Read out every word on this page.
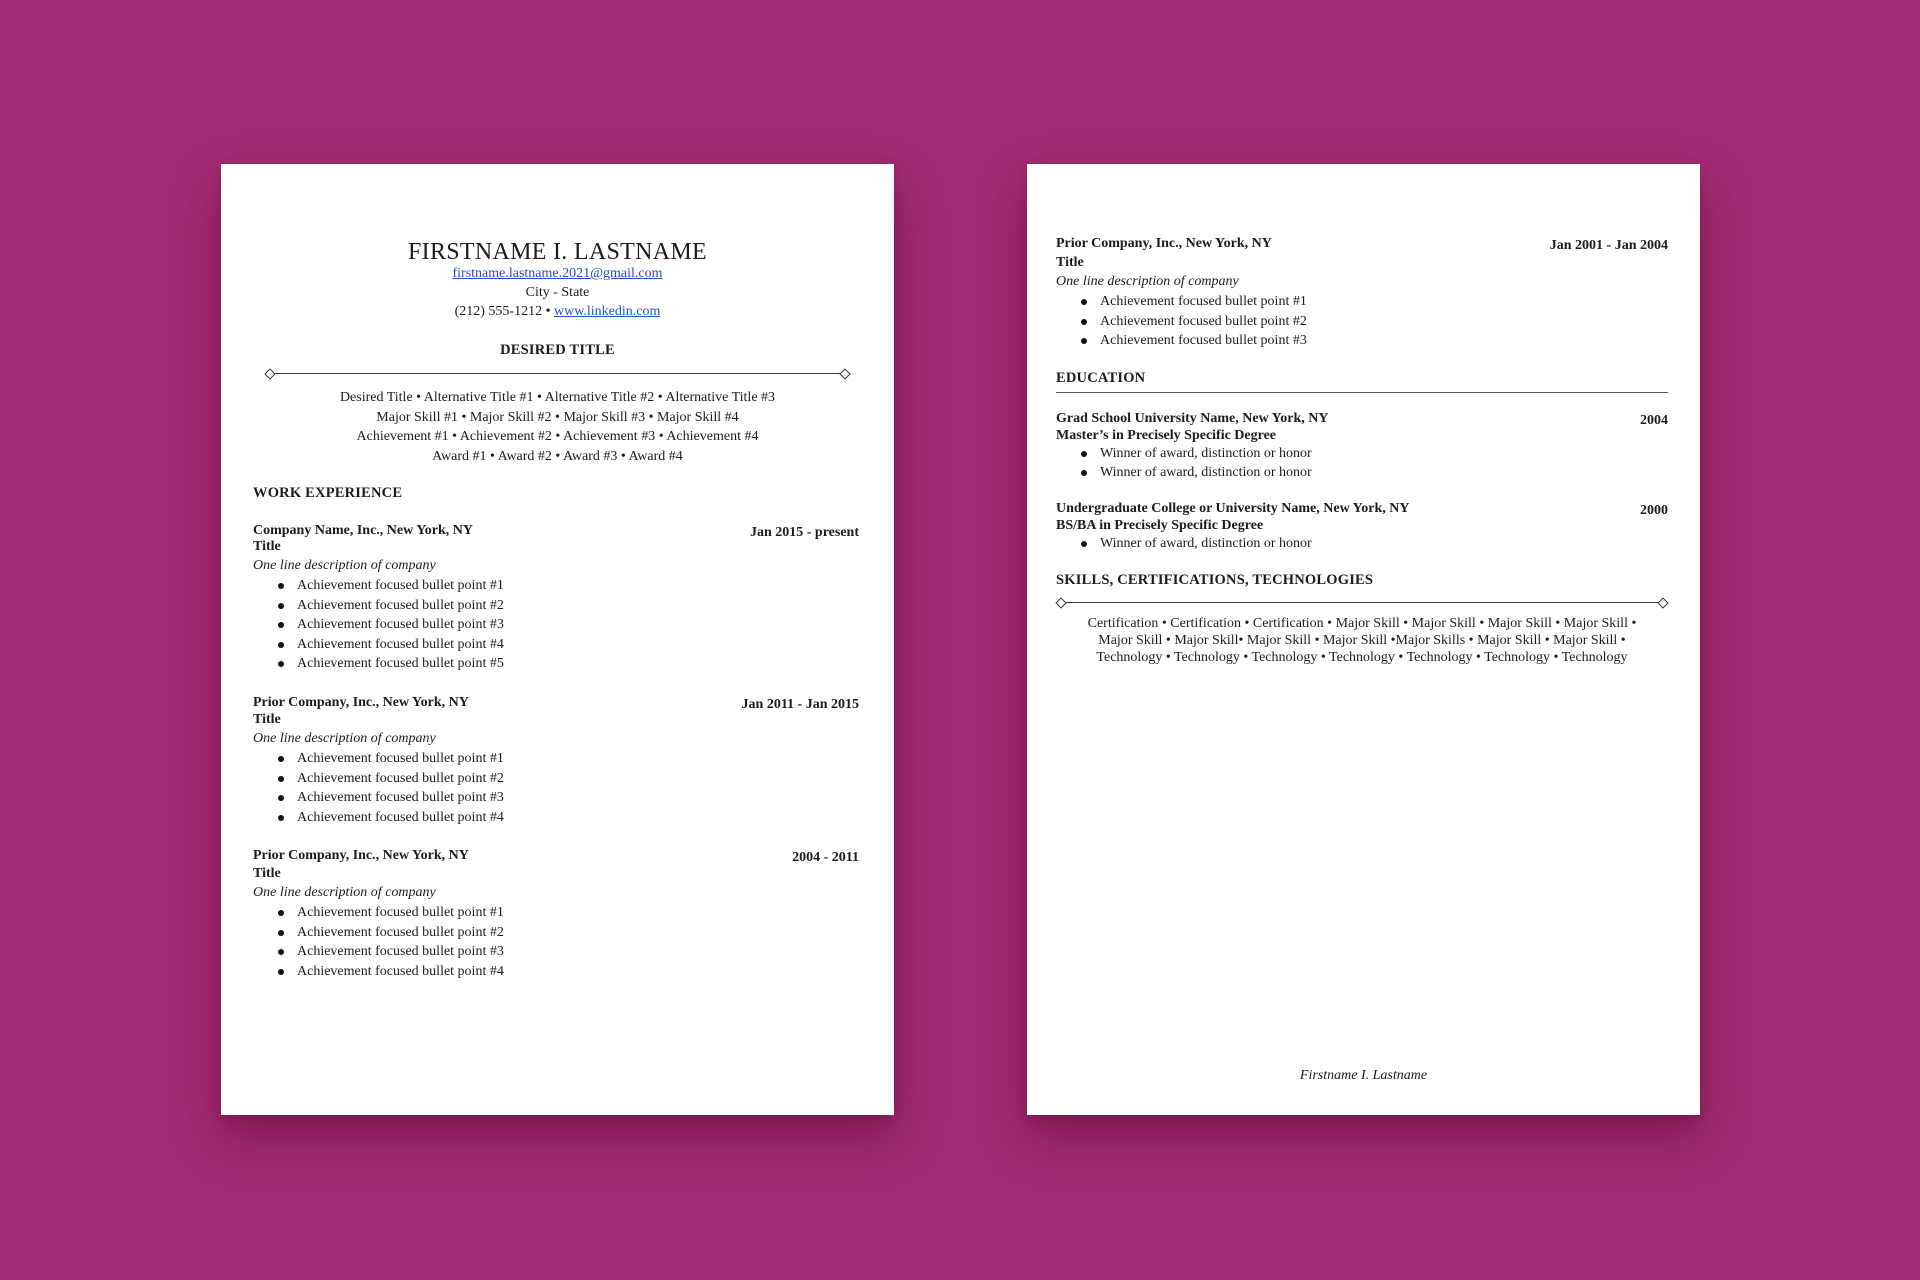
FIRSTNAME I. LASTNAME
firstname.lastname.2021@gmail.com
City - State
(212) 555-1212 • www.linkedin.com
DESIRED TITLE
Desired Title • Alternative Title #1 • Alternative Title #2 • Alternative Title #3
Major Skill #1 • Major Skill #2 • Major Skill #3 • Major Skill #4
Achievement #1 • Achievement #2 • Achievement #3 • Achievement #4
Award #1 • Award #2 • Award #3 • Award #4
WORK EXPERIENCE
Company Name, Inc., New York, NY	Jan 2015 - present
Title
One line description of company
Achievement focused bullet point #1
Achievement focused bullet point #2
Achievement focused bullet point #3
Achievement focused bullet point #4
Achievement focused bullet point #5
Prior Company, Inc., New York, NY	Jan 2011 - Jan 2015
Title
One line description of company
Achievement focused bullet point #1
Achievement focused bullet point #2
Achievement focused bullet point #3
Achievement focused bullet point #4
Prior Company, Inc., New York, NY	2004 - 2011
Title
One line description of company
Achievement focused bullet point #1
Achievement focused bullet point #2
Achievement focused bullet point #3
Achievement focused bullet point #4
Prior Company, Inc., New York, NY	Jan 2001 - Jan 2004
Title
One line description of company
Achievement focused bullet point #1
Achievement focused bullet point #2
Achievement focused bullet point #3
EDUCATION
Grad School University Name, New York, NY	2004
Master’s in Precisely Specific Degree
Winner of award, distinction or honor
Winner of award, distinction or honor
Undergraduate College or University Name, New York, NY	2000
BS/BA in Precisely Specific Degree
Winner of award, distinction or honor
SKILLS, CERTIFICATIONS, TECHNOLOGIES
Certification • Certification • Certification • Major Skill • Major Skill • Major Skill • Major Skill •
Major Skill • Major Skill• Major Skill • Major Skill •Major Skills • Major Skill • Major Skill •
Technology • Technology • Technology • Technology • Technology • Technology • Technology
Firstname I. Lastname
